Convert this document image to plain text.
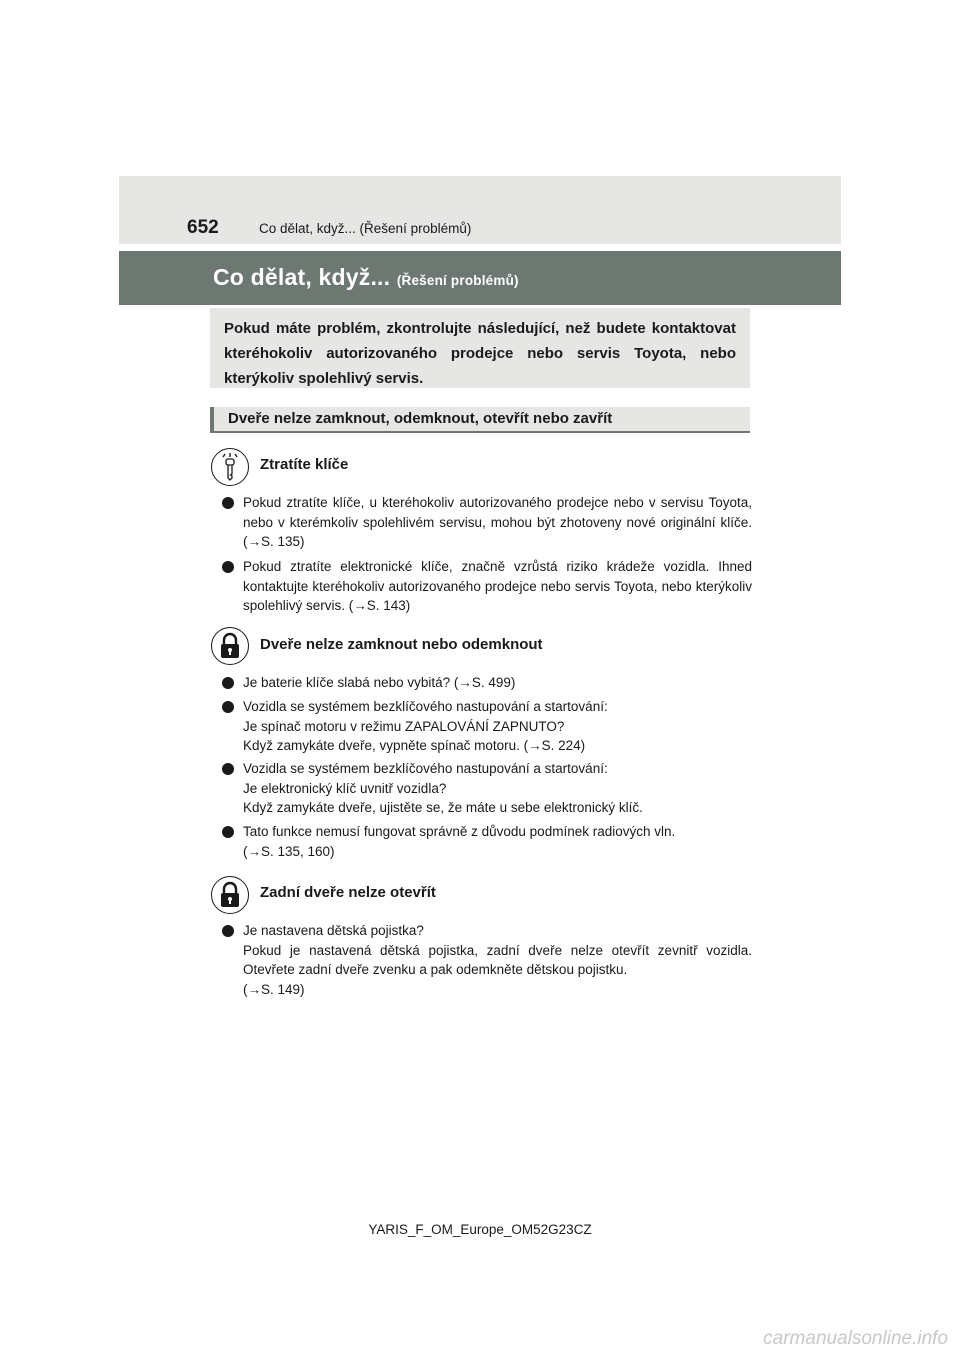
652	Co dělat, když... (Řešení problémů)
Co dělat, když... (Řešení problémů)
Pokud máte problém, zkontrolujte následující, než budete kontaktovat kteréhokoliv autorizovaného prodejce nebo servis Toyota, nebo kterýkoliv spolehlivý servis.
Dveře nelze zamknout, odemknout, otevřít nebo zavřít
Ztratíte klíče
Pokud ztratíte klíče, u kteréhokoliv autorizovaného prodejce nebo v servisu Toyota, nebo v kterémkoliv spolehlivém servisu, mohou být zhotoveny nové originální klíče. (→S. 135)
Pokud ztratíte elektronické klíče, značně vzrůstá riziko krádeže vozidla. Ihned kontaktujte kteréhokoliv autorizovaného prodejce nebo servis Toyota, nebo kterýkoliv spolehlivý servis. (→S. 143)
Dveře nelze zamknout nebo odemknout
Je baterie klíče slabá nebo vybitá? (→S. 499)
Vozidla se systémem bezklíčového nastupování a startování:
Je spínač motoru v režimu ZAPALOVÁNÍ ZAPNUTO?
Když zamykáte dveře, vypněte spínač motoru. (→S. 224)
Vozidla se systémem bezklíčového nastupování a startování:
Je elektronický klíč uvnitř vozidla?
Když zamykáte dveře, ujistěte se, že máte u sebe elektronický klíč.
Tato funkce nemusí fungovat správně z důvodu podmínek radiových vln.
(→S. 135, 160)
Zadní dveře nelze otevřít
Je nastavena dětská pojistka?
Pokud je nastavená dětská pojistka, zadní dveře nelze otevřít zevnitř vozidla. Otevřete zadní dveře zvenku a pak odemkněte dětskou pojistku.
(→S. 149)
YARIS_F_OM_Europe_OM52G23CZ
carmanualsonline.info
